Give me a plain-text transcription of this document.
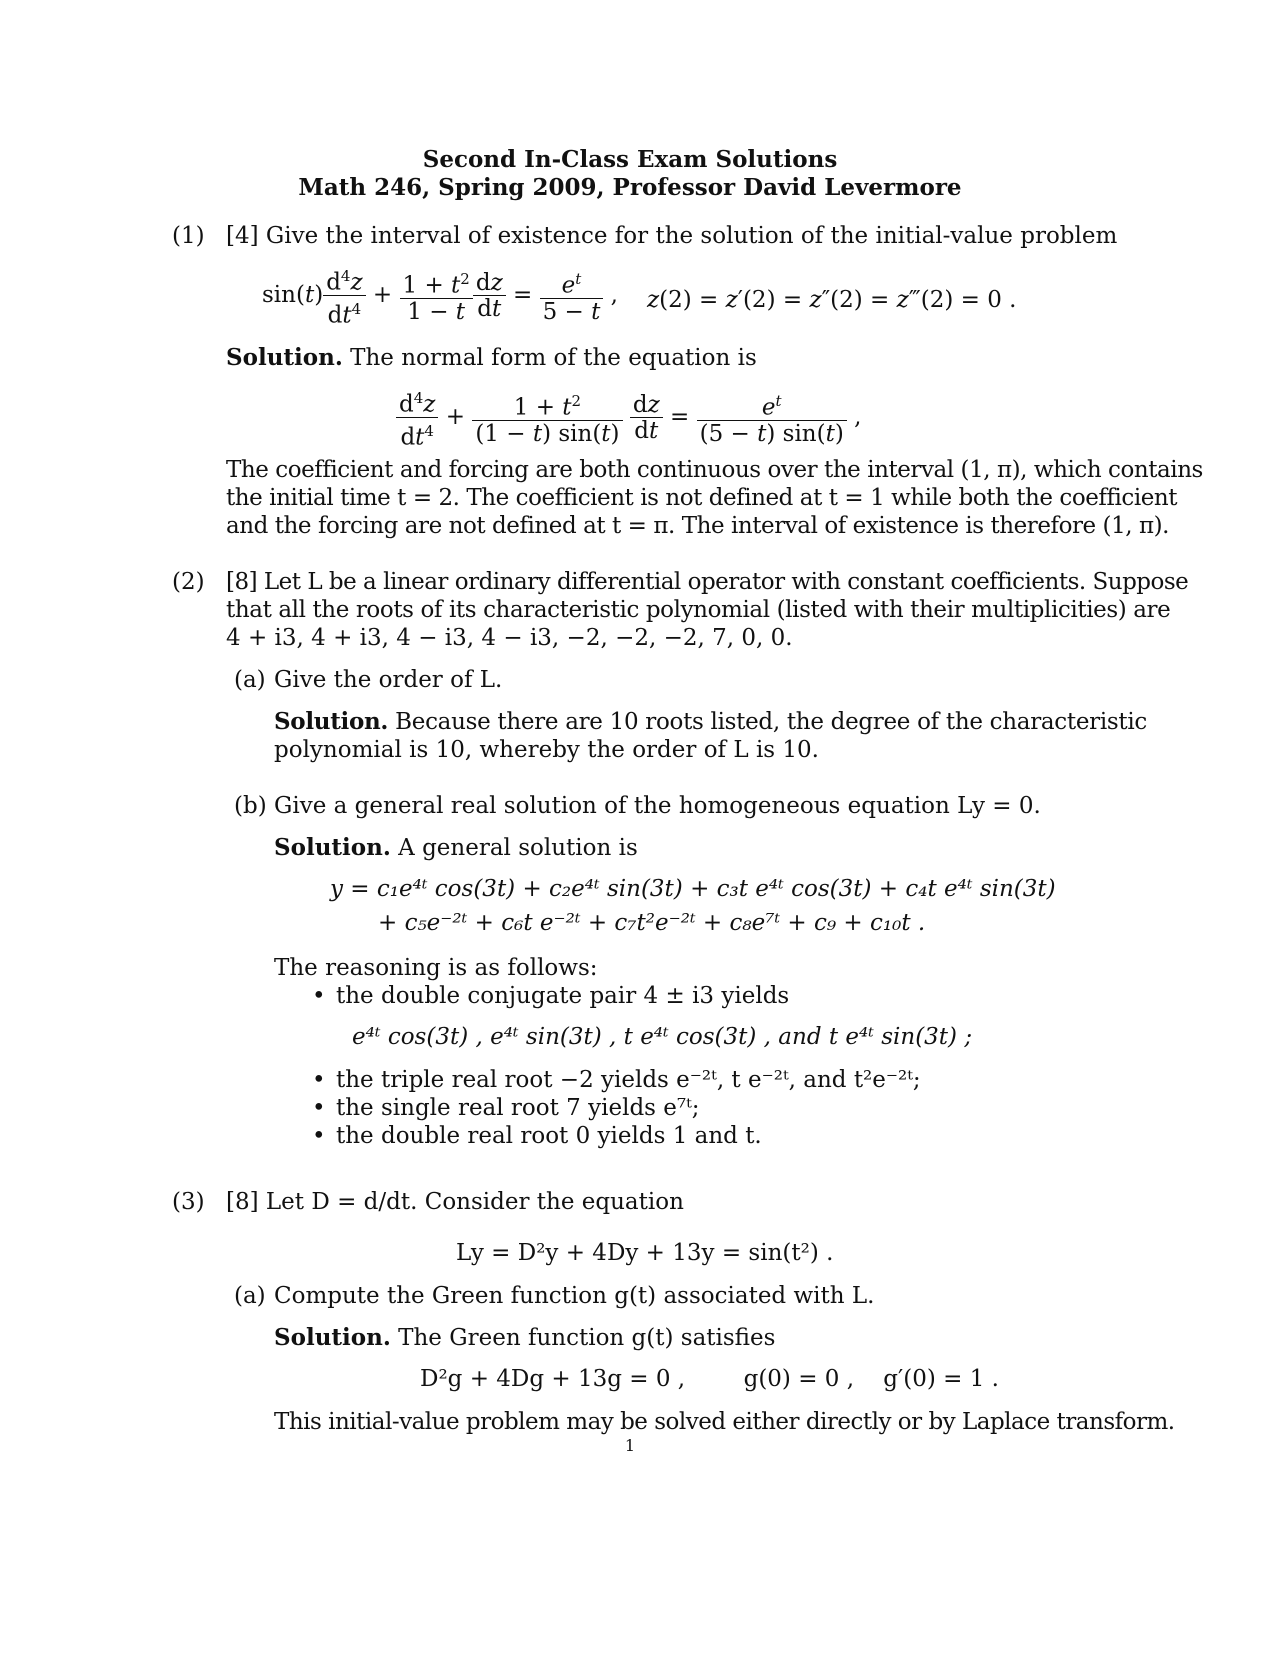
Second In-Class Exam Solutions
Math 246, Spring 2009, Professor David Levermore
(1) [4] Give the interval of existence for the solution of the initial-value problem
$\sin(t) \frac{d^4z}{dt^4} + \frac{1 + t^2}{1 - t} \frac{dz}{dt} = \frac{e^t}{5 - t}$ , z(2) = z′(2) = z″(2) = z‴(2) = 0 .
Solution. The normal form of the equation is
$\frac{d^4z}{dt^4} + \frac{1 + t^2}{(1 - t) \sin(t)}$
$\frac{dz}{dt} = \frac{e^t}{(5 - t) \sin(t)}$ ,
The coefficient and forcing are both continuous over the interval (1, π), which contains
the initial time t = 2. The coefficient is not defined at t = 1 while both the coefficient
and the forcing are not defined at t = π. The interval of existence is therefore (1, π).
(2) [8] Let L be a linear ordinary differential operator with constant coefficients. Suppose
that all the roots of its characteristic polynomial (listed with their multiplicities) are
4 + i3, 4 + i3, 4 − i3, 4 − i3, −2, −2, −2, 7, 0, 0.
(a) Give the order of L.
Solution. Because there are 10 roots listed, the degree of the characteristic
polynomial is 10, whereby the order of L is 10.
(b) Give a general real solution of the homogeneous equation Ly = 0.
Solution. A general solution is
y = c₁e⁴ᵗ cos(3t) + c₂e⁴ᵗ sin(3t) + c₃t e⁴ᵗ cos(3t) + c₄t e⁴ᵗ sin(3t)
+ c₅e⁻²ᵗ + c₆t e⁻²ᵗ + c₇t²e⁻²ᵗ + c₈e⁷ᵗ + c₉ + c₁₀t .
The reasoning is as follows:
• the double conjugate pair 4 ± i3 yields
e⁴ᵗ cos(3t) , e⁴ᵗ sin(3t) , t e⁴ᵗ cos(3t) , and t e⁴ᵗ sin(3t) ;
• the triple real root −2 yields e⁻²ᵗ, t e⁻²ᵗ, and t²e⁻²ᵗ;
• the single real root 7 yields e⁷ᵗ;
• the double real root 0 yields 1 and t.
(3) [8] Let D = d/dt. Consider the equation
Ly = D²y + 4Dy + 13y = sin(t²) .
(a) Compute the Green function g(t) associated with L.
Solution. The Green function g(t) satisfies
D²g + 4Dg + 13g = 0 ,        g(0) = 0 ,    g′(0) = 1 .
This initial-value problem may be solved either directly or by Laplace transform.
1
